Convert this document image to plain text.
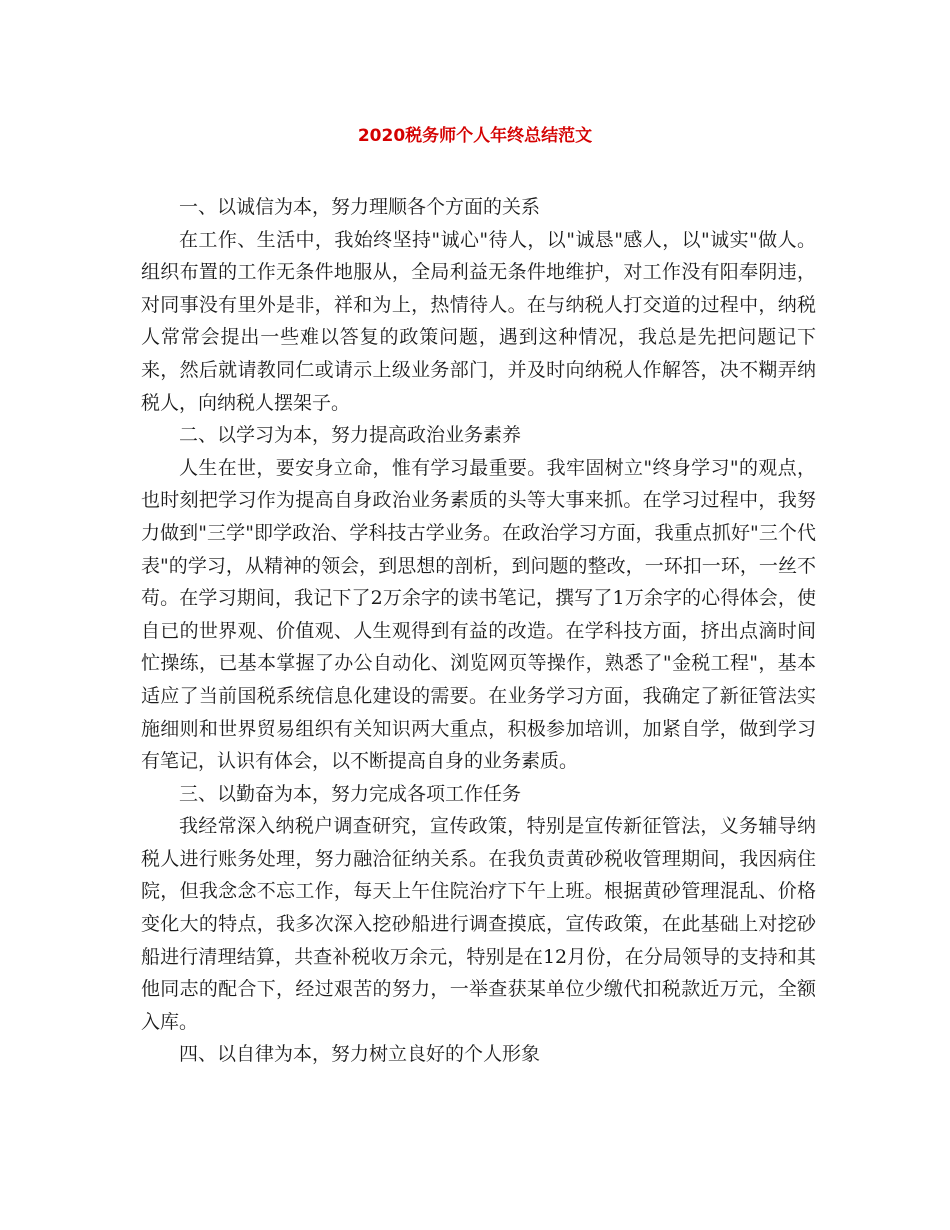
2020税务师个人年终总结范文

一、以诚信为本，努力理顺各个方面的关系

在工作、生活中，我始终坚持"诚心"待人，以"诚恳"感人，以"诚实"做人。组织布置的工作无条件地服从，全局利益无条件地维护，对工作没有阳奉阴违，对同事没有里外是非，祥和为上，热情待人。在与纳税人打交道的过程中，纳税人常常会提出一些难以答复的政策问题，遇到这种情况，我总是先把问题记下来，然后就请教同仁或请示上级业务部门，并及时向纳税人作解答，决不糊弄纳税人，向纳税人摆架子。

二、以学习为本，努力提高政治业务素养

人生在世，要安身立命，惟有学习最重要。我牢固树立"终身学习"的观点，也时刻把学习作为提高自身政治业务素质的头等大事来抓。在学习过程中，我努力做到"三学"即学政治、学科技古学业务。在政治学习方面，我重点抓好"三个代表"的学习，从精神的领会，到思想的剖析，到问题的整改，一环扣一环，一丝不苟。在学习期间，我记下了2万余字的读书笔记，撰写了1万余字的心得体会，使自已的世界观、价值观、人生观得到有益的改造。在学科技方面，挤出点滴时间忙操练，已基本掌握了办公自动化、浏览网页等操作，熟悉了"金税工程"，基本适应了当前国税系统信息化建设的需要。在业务学习方面，我确定了新征管法实施细则和世界贸易组织有关知识两大重点，积极参加培训，加紧自学，做到学习有笔记，认识有体会，以不断提高自身的业务素质。

三、以勤奋为本，努力完成各项工作任务

我经常深入纳税户调查研究，宣传政策，特别是宣传新征管法，义务辅导纳税人进行账务处理，努力融洽征纳关系。在我负责黄砂税收管理期间，我因病住院，但我念念不忘工作，每天上午住院治疗下午上班。根据黄砂管理混乱、价格变化大的特点，我多次深入挖砂船进行调查摸底，宣传政策，在此基础上对挖砂船进行清理结算，共查补税收万余元，特别是在12月份，在分局领导的支持和其他同志的配合下，经过艰苦的努力，一举查获某单位少缴代扣税款近万元，全额入库。

四、以自律为本，努力树立良好的个人形象
